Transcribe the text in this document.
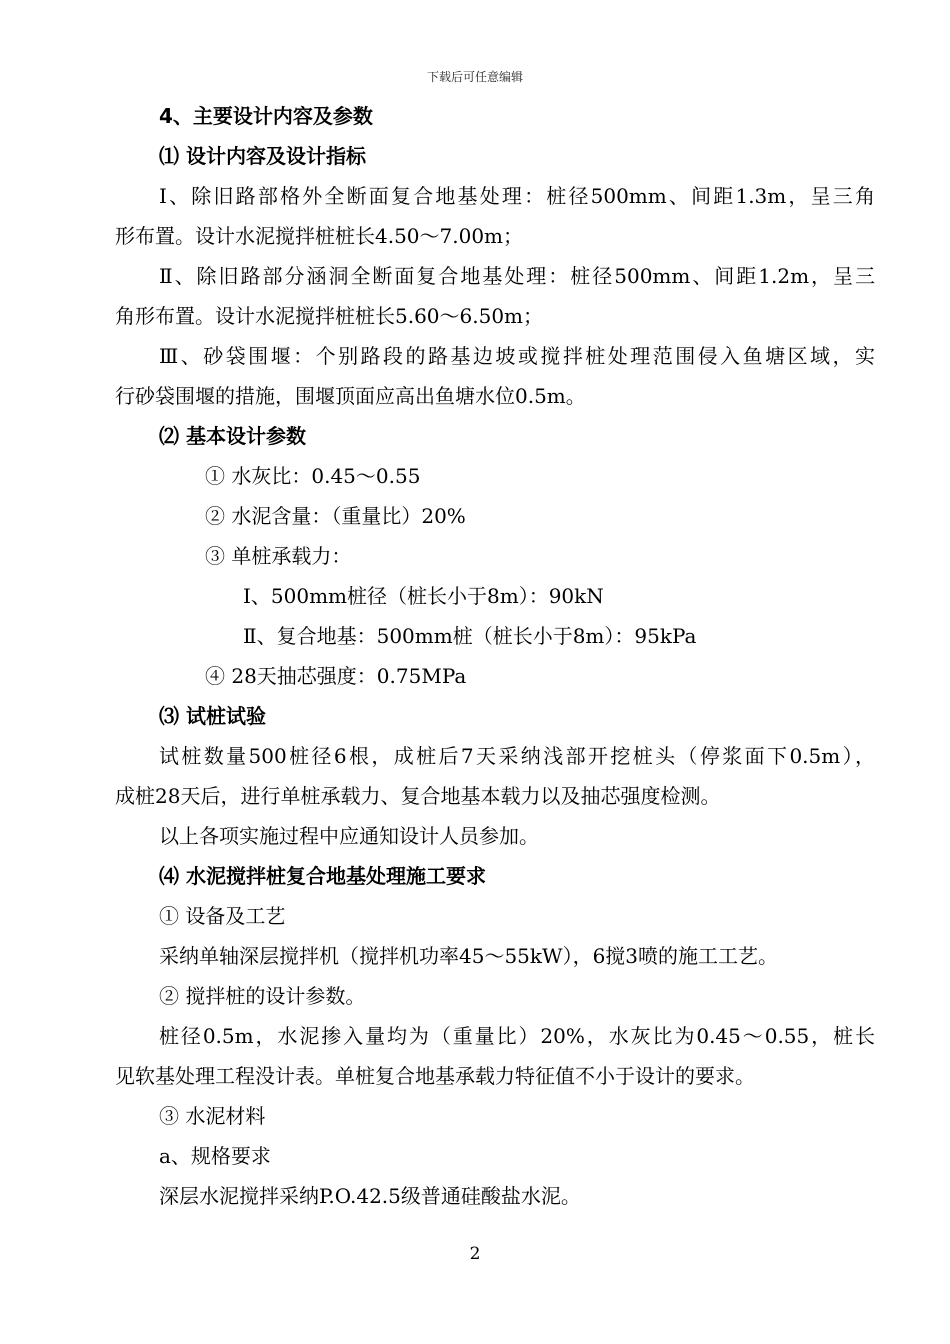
下载后可任意编辑
4、主要设计内容及参数
⑴ 设计内容及设计指标
Ⅰ、除旧路部格外全断面复合地基处理：桩径500mm、间距1.3m，呈三角
形布置。设计水泥搅拌桩桩长4.50～7.00m；
Ⅱ、除旧路部分涵洞全断面复合地基处理：桩径500mm、间距1.2m，呈三
角形布置。设计水泥搅拌桩桩长5.60～6.50m；
Ⅲ、砂袋围堰：个别路段的路基边坡或搅拌桩处理范围侵入鱼塘区域，实
行砂袋围堰的措施，围堰顶面应高出鱼塘水位0.5m。
⑵ 基本设计参数
① 水灰比：0.45～0.55
② 水泥含量：（重量比）20%
③ 单桩承载力：
Ⅰ、500mm桩径（桩长小于8m）：90kN
Ⅱ、复合地基：500mm桩（桩长小于8m）：95kPa
④ 28天抽芯强度：0.75MPa
⑶ 试桩试验
试桩数量500桩径6根，成桩后7天采纳浅部开挖桩头（停浆面下0.5m），
成桩28天后，进行单桩承载力、复合地基本载力以及抽芯强度检测。
以上各项实施过程中应通知设计人员参加。
⑷ 水泥搅拌桩复合地基处理施工要求
① 设备及工艺
采纳单轴深层搅拌机（搅拌机功率45～55kW），6搅3喷的施工工艺。
② 搅拌桩的设计参数。
桩径0.5m，水泥掺入量均为（重量比）20%，水灰比为0.45～0.55，桩长
见软基处理工程没计表。单桩复合地基承载力特征值不小于设计的要求。
③ 水泥材料
a、规格要求
深层水泥搅拌采纳P.O.42.5级普通硅酸盐水泥。
2
